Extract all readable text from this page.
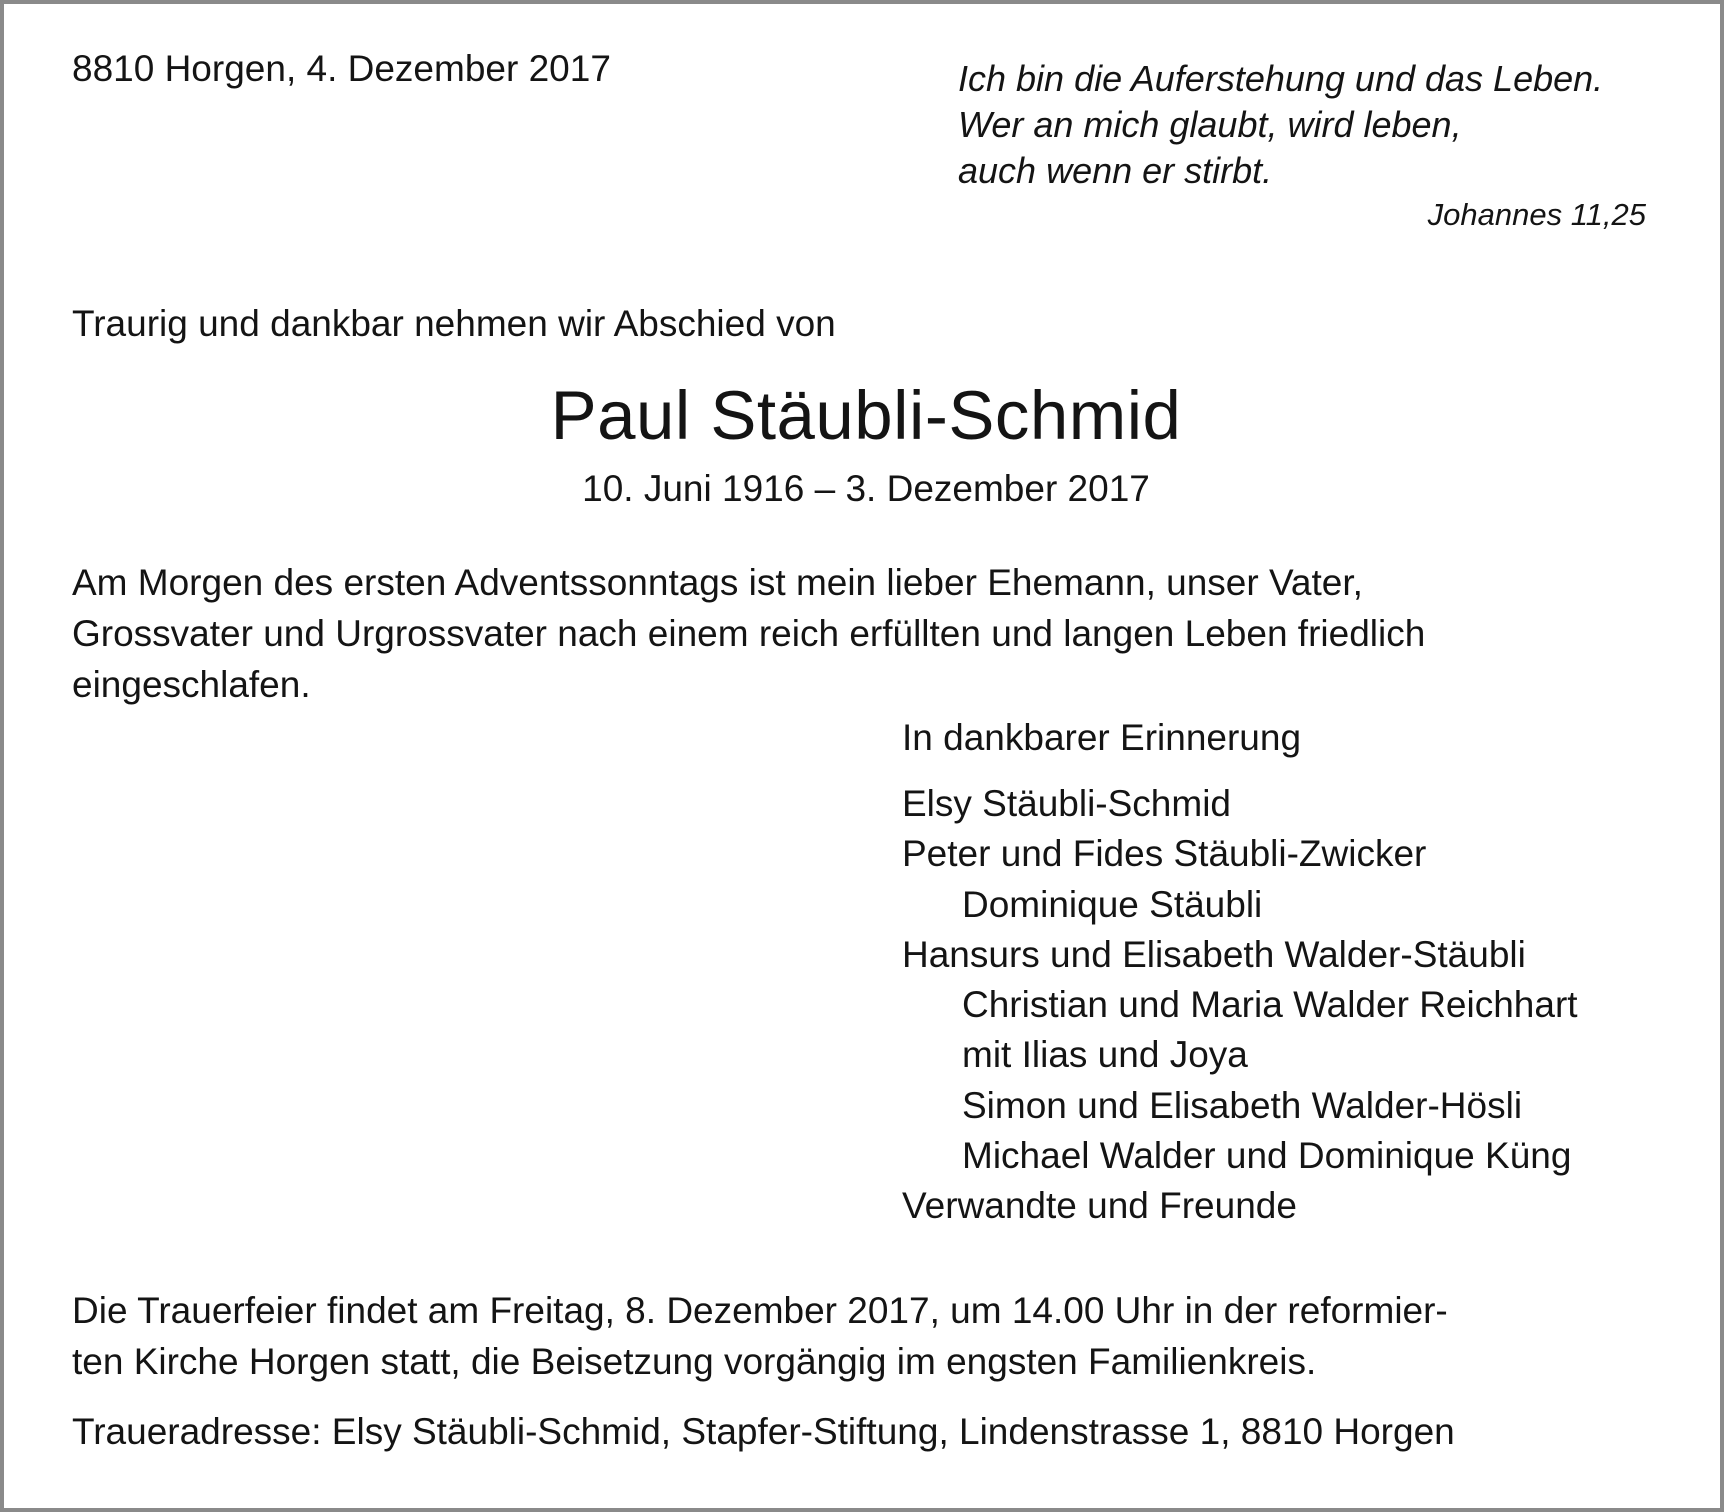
8810 Horgen, 4. Dezember 2017	Ich bin die Auferstehung und das Leben.
Wer an mich glaubt, wird leben,
auch wenn er stirbt.
Johannes 11,25
Traurig und dankbar nehmen wir Abschied von
Paul Stäubli-Schmid
10. Juni 1916 – 3. Dezember 2017
Am Morgen des ersten Adventssonntags ist mein lieber Ehemann, unser Vater,
Grossvater und Urgrossvater nach einem reich erfüllten und langen Leben friedlich
eingeschlafen.
In dankbarer Erinnerung
Elsy Stäubli-Schmid
Peter und Fides Stäubli-Zwicker
Dominique Stäubli
Hansurs und Elisabeth Walder-Stäubli
Christian und Maria Walder Reichhart
mit Ilias und Joya
Simon und Elisabeth Walder-Hösli
Michael Walder und Dominique Küng
Verwandte und Freunde
Die Trauerfeier findet am Freitag, 8. Dezember 2017, um 14.00 Uhr in der reformier-
ten Kirche Horgen statt, die Beisetzung vorgängig im engsten Familienkreis.
Traueradresse: Elsy Stäubli-Schmid, Stapfer-Stiftung, Lindenstrasse 1, 8810 Horgen
